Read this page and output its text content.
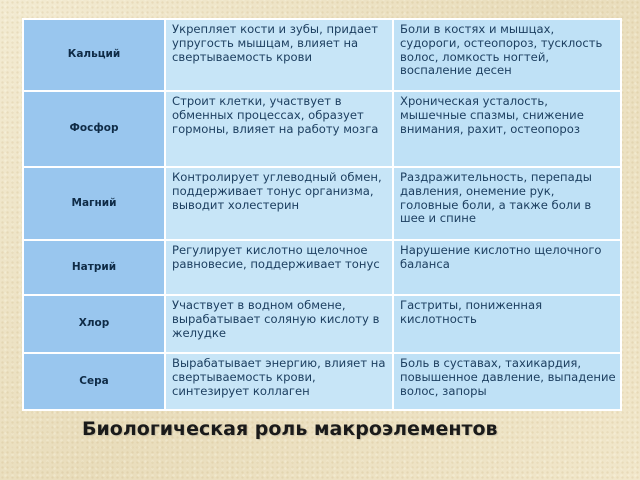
Кальций	Укрепляет кости и зубы, придает упругость мышцам, влияет на свертываемость крови	Боли в костях и мышцах, судороги, остеопороз, тусклость волос, ломкость ногтей, воспаление десен

Фосфор	Строит клетки, участвует в обменных процессах, образует гормоны, влияет на работу мозга	Хроническая усталость, мышечные спазмы, снижение внимания, рахит, остеопороз

Магний	Контролирует углеводный обмен, поддерживает тонус организма, выводит холестерин	Раздражительность, перепады давления, онемение рук, головные боли, а также боли в шее и спине

Натрий	Регулирует кислотно щелочное равновесие, поддерживает тонус	Нарушение кислотно щелочного баланса

Хлор	Участвует в водном обмене, вырабатывает соляную кислоту в желудке	Гастриты, пониженная кислотность

Сера	Вырабатывает энергию, влияет на свертываемость крови, синтезирует коллаген	Боль в суставах, тахикардия, повышенное давление, выпадение волос, запоры
Биологическая роль макроэлементов
